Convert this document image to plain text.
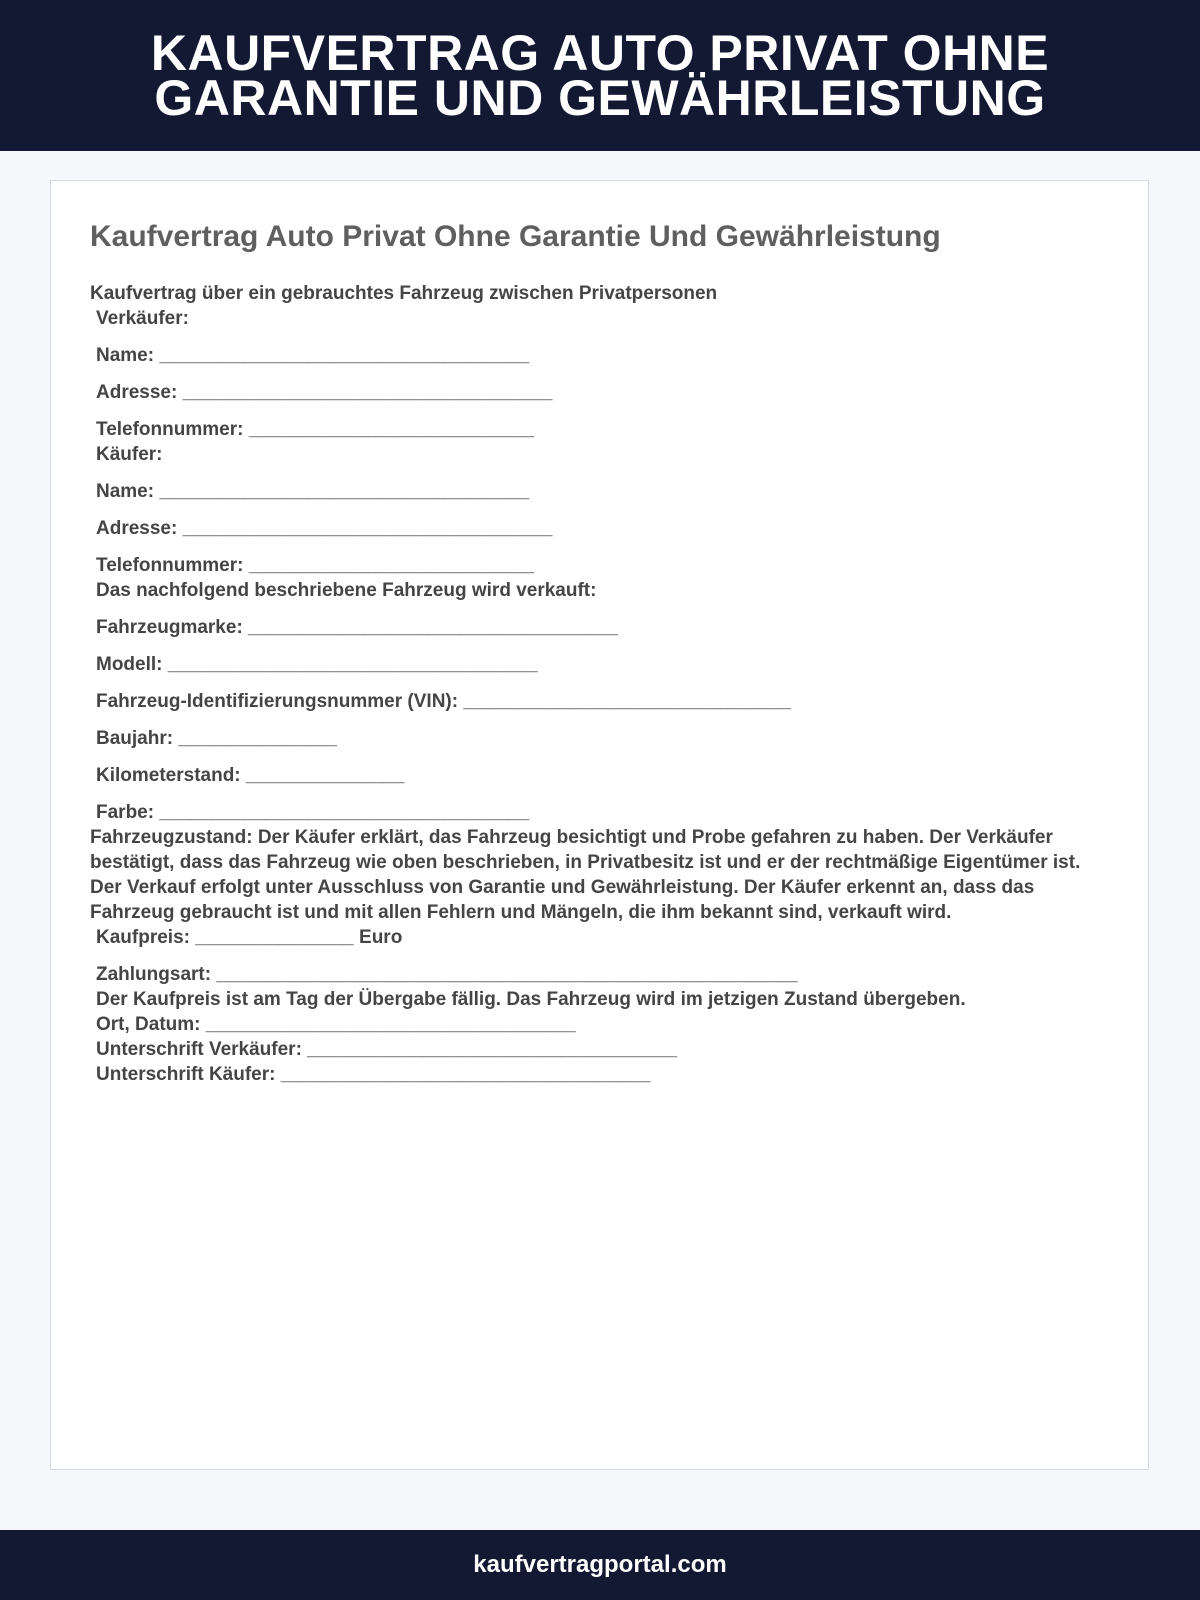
KAUFVERTRAG AUTO PRIVAT OHNE GARANTIE UND GEWÄHRLEISTUNG
Kaufvertrag Auto Privat Ohne Garantie Und Gewährleistung
Kaufvertrag über ein gebrauchtes Fahrzeug zwischen Privatpersonen
Verkäufer:
Name: ___________________________________
Adresse: ___________________________________
Telefonnummer: ___________________________
Käufer:
Name: ___________________________________
Adresse: ___________________________________
Telefonnummer: ___________________________
Das nachfolgend beschriebene Fahrzeug wird verkauft:
Fahrzeugmarke: ___________________________________
Modell: ___________________________________
Fahrzeug-Identifizierungsnummer (VIN): _______________________________
Baujahr: _______________
Kilometerstand: _______________
Farbe: ___________________________________
Fahrzeugzustand: Der Käufer erklärt, das Fahrzeug besichtigt und Probe gefahren zu haben. Der Verkäufer bestätigt, dass das Fahrzeug wie oben beschrieben, in Privatbesitz ist und er der rechtmäßige Eigentümer ist.
Der Verkauf erfolgt unter Ausschluss von Garantie und Gewährleistung. Der Käufer erkennt an, dass das Fahrzeug gebraucht ist und mit allen Fehlern und Mängeln, die ihm bekannt sind, verkauft wird.
Kaufpreis: _______________ Euro
Zahlungsart: _______________________________________________________
Der Kaufpreis ist am Tag der Übergabe fällig. Das Fahrzeug wird im jetzigen Zustand übergeben.
Ort, Datum: ___________________________________
Unterschrift Verkäufer: ___________________________________
Unterschrift Käufer: ___________________________________
kaufvertragportal.com
